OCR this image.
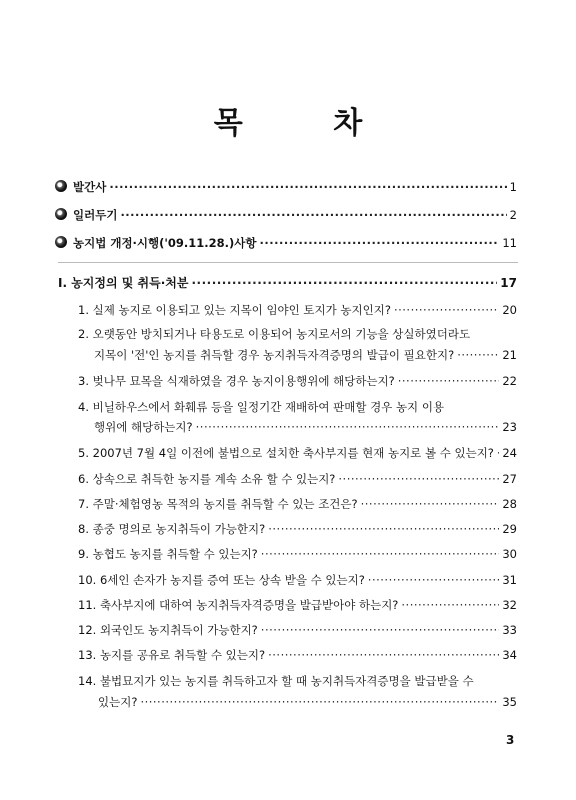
목 차
발간사 ·····	1
일러두기 ·····	2
농지법 개정·시행('09.11.28.)사항 ·····	11
Ⅰ. 농지정의 및 취득·처분 ·····	17
1. 실제 농지로 이용되고 있는 지목이 임야인 토지가 농지인지? ·····	20
2. 오랫동안 방치되거나 타용도로 이용되어 농지로서의 기능을 상실하였더라도
지목이 '전'인 농지를 취득할 경우 농지취득자격증명의 발급이 필요한지? ·····	21
3. 벚나무 묘목을 식재하였을 경우 농지이용행위에 해당하는지? ·····	22
4. 비닐하우스에서 화훼류 등을 일정기간 재배하여 판매할 경우 농지 이용
행위에 해당하는지? ·····	23
5. 2007년 7월 4일 이전에 불법으로 설치한 축사부지를 현재 농지로 볼 수 있는지? ····· 24
6. 상속으로 취득한 농지를 계속 소유 할 수 있는지? ·····	27
7. 주말·체험영농 목적의 농지를 취득할 수 있는 조건은? ·····	28
8. 종중 명의로 농지취득이 가능한지? ·····	29
9. 농협도 농지를 취득할 수 있는지? ·····	30
10. 6세인 손자가 농지를 증여 또는 상속 받을 수 있는지? ·····	31
11. 축사부지에 대하여 농지취득자격증명을 발급받아야 하는지? ·····	32
12. 외국인도 농지취득이 가능한지? ·····	33
13. 농지를 공유로 취득할 수 있는지? ·····	34
14. 불법묘지가 있는 농지를 취득하고자 할 때 농지취득자격증명을 발급받을 수
있는지? ·····	35
3
